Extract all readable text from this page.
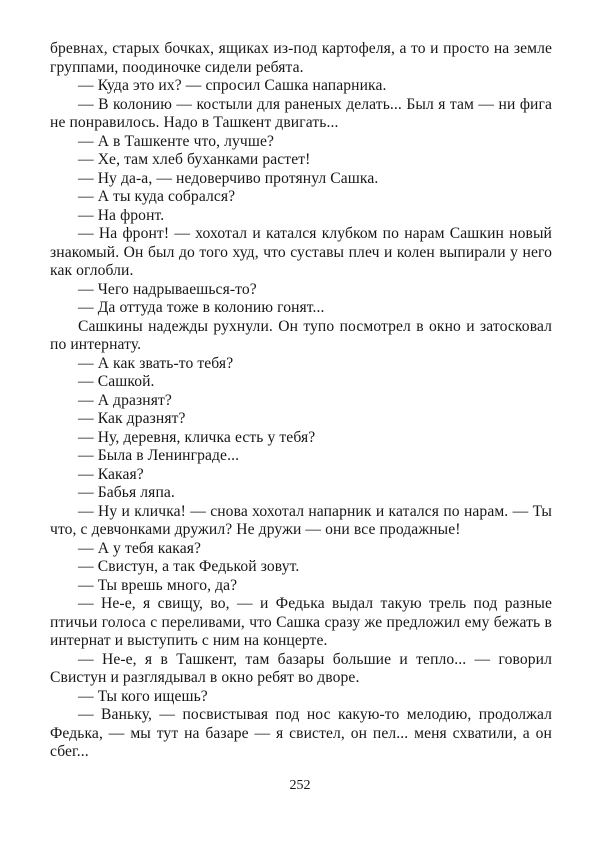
бревнах, старых бочках, ящиках из-под картофеля, а то и просто на земле группами, поодиночке сидели ребята.

— Куда это их? — спросил Сашка напарника.

— В колонию — костыли для раненых делать... Был я там — ни фига не понравилось. Надо в Ташкент двигать...

— А в Ташкенте что, лучше?

— Хе, там хлеб буханками растет!

— Ну да-а, — недоверчиво протянул Сашка.

— А ты куда собрался?

— На фронт.

— На фронт! — хохотал и катался клубком по нарам Сашкин новый знакомый. Он был до того худ, что суставы плеч и колен выпирали у него как оглобли.

— Чего надрываешься-то?

— Да оттуда тоже в колонию гонят...

Сашкины надежды рухнули. Он тупо посмотрел в окно и затосковал по интернату.

— А как звать-то тебя?

— Сашкой.

— А дразнят?

— Как дразнят?

— Ну, деревня, кличка есть у тебя?

— Была в Ленинграде...

— Какая?

— Бабья ляпа.

— Ну и кличка! — снова хохотал напарник и катался по нарам. — Ты что, с девчонками дружил? Не дружи — они все продажные!

— А у тебя какая?

— Свистун, а так Федькой зовут.

— Ты врешь много, да?

— Не-е, я свищу, во, — и Федька выдал такую трель под разные птичьи голоса с переливами, что Сашка сразу же предложил ему бежать в интернат и выступить с ним на концерте.

— Не-е, я в Ташкент, там базары большие и тепло... — говорил Свистун и разглядывал в окно ребят во дворе.

— Ты кого ищешь?

— Ваньку, — посвистывая под нос какую-то мелодию, продолжал Федька, — мы тут на базаре — я свистел, он пел... меня схватили, а он сбег...

252
